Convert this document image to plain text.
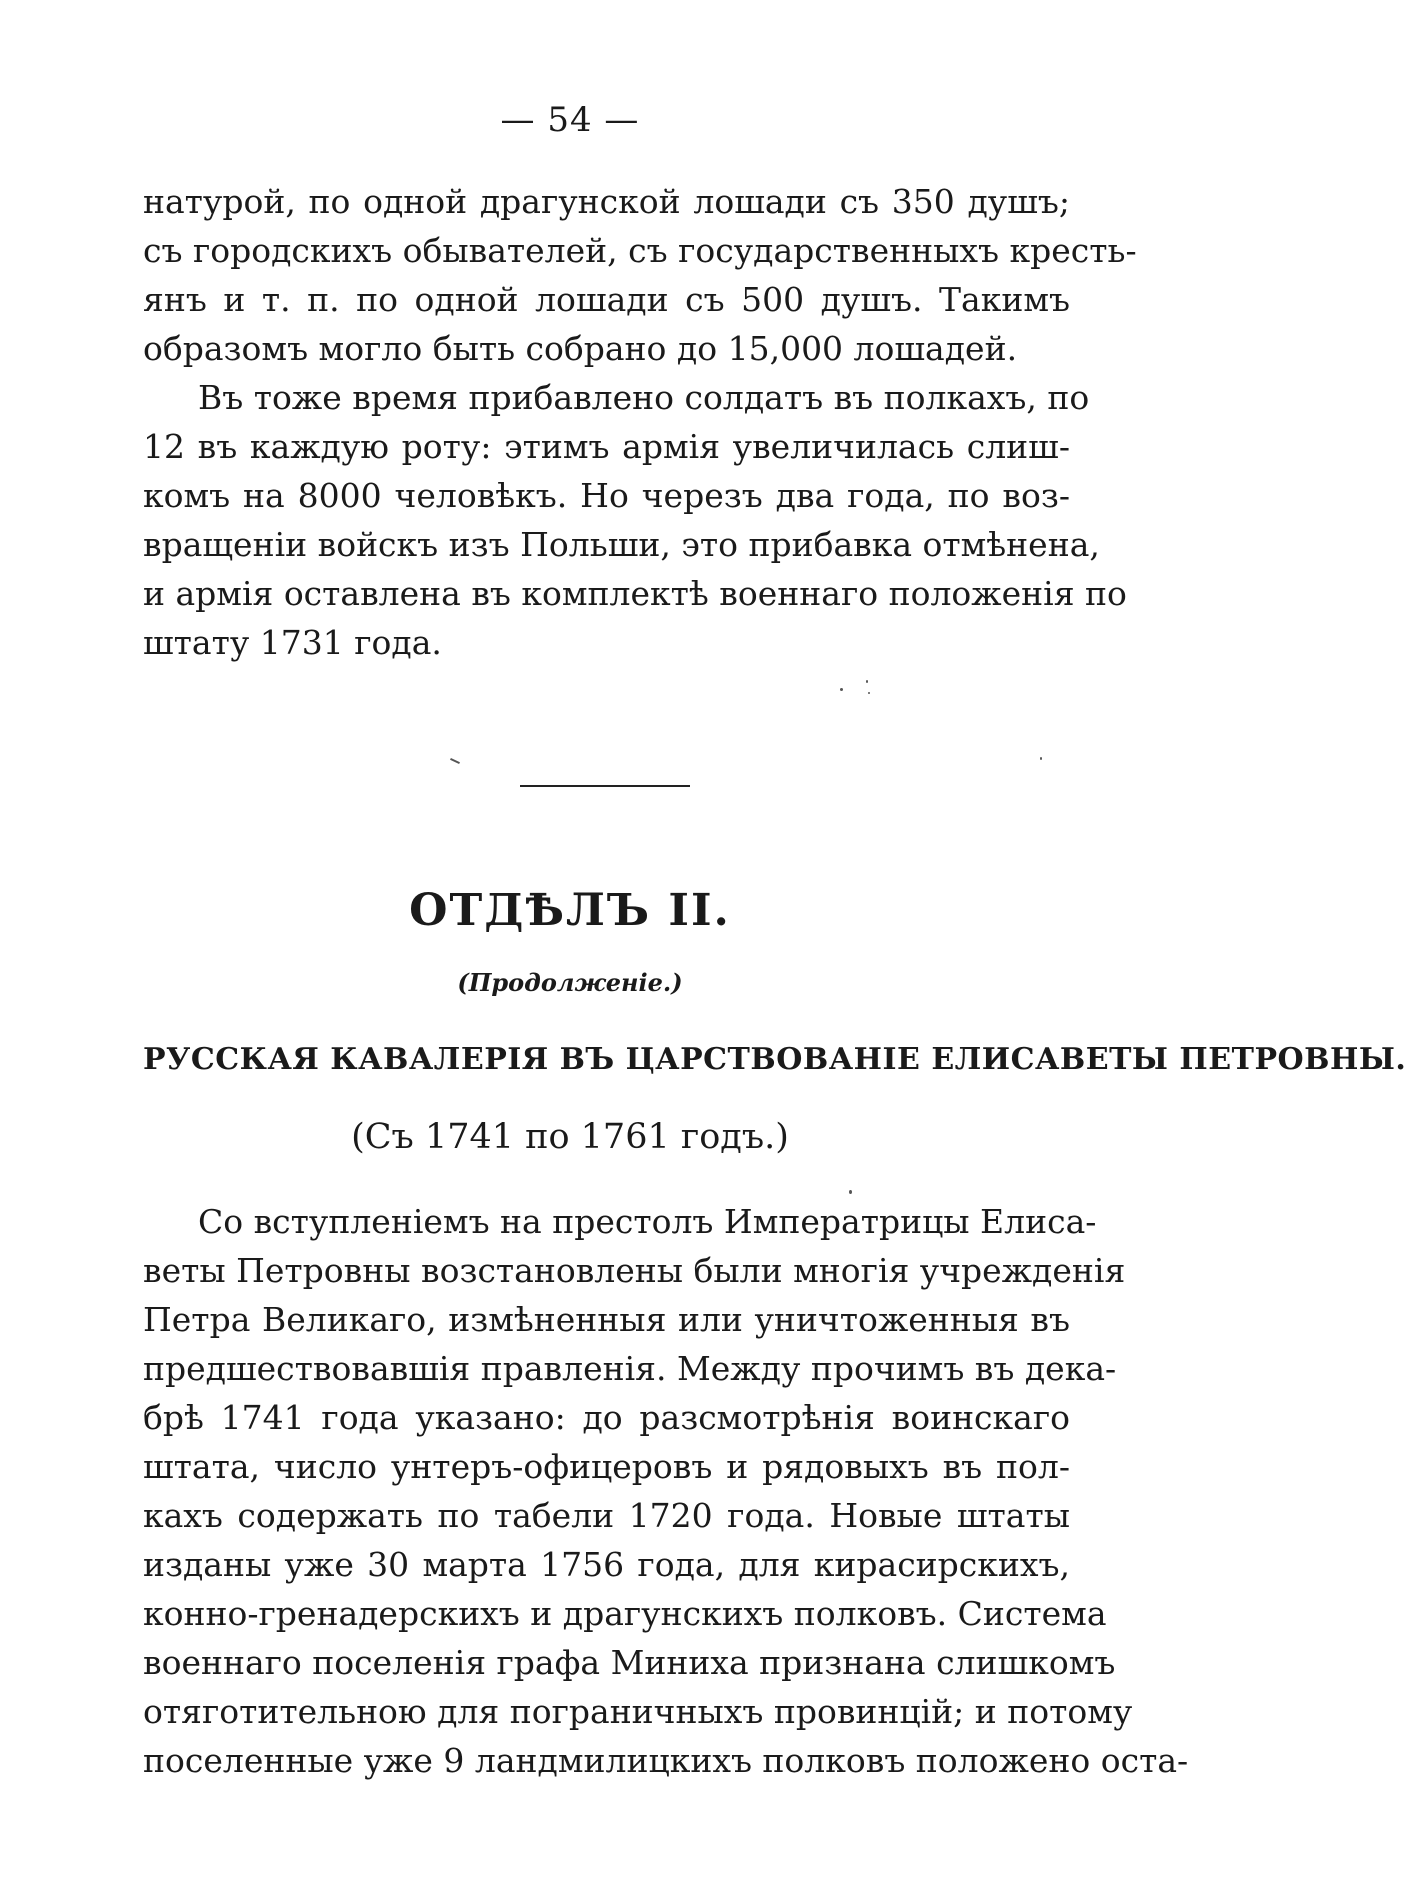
— 54 —
натурой, по одной драгунской лошади съ 350 душъ;
съ городскихъ обывателей, съ государственныхъ кресть-
янъ и т. п. по одной лошади съ 500 душъ. Такимъ
образомъ могло быть собрано до 15,000 лошадей.
Въ тоже время прибавлено солдатъ въ полкахъ, по
12 въ каждую роту: этимъ армія увеличилась слиш-
комъ на 8000 человѣкъ. Но черезъ два года, по воз-
вращеніи войскъ изъ Польши, это прибавка отмѣнена,
и армія оставлена въ комплектѣ военнаго положенія по
штату 1731 года.
ОТДѢЛЪ II.
(Продолженіе.)
РУССКАЯ КАВАЛЕРІЯ ВЪ ЦАРСТВОВАНІЕ ЕЛИСАВЕТЫ ПЕТРОВНЫ.
(Съ 1741 по 1761 годъ.)
Со вступленіемъ на престолъ Императрицы Елиса-
веты Петровны возстановлены были многія учрежденія
Петра Великаго, измѣненныя или уничтоженныя въ
предшествовавшія правленія. Между прочимъ въ дека-
брѣ 1741 года указано: до разсмотрѣнія воинскаго
штата, число унтеръ-офицеровъ и рядовыхъ въ пол-
кахъ содержать по табели 1720 года. Новые штаты
изданы уже 30 марта 1756 года, для кирасирскихъ,
конно-гренадерскихъ и драгунскихъ полковъ. Система
военнаго поселенія графа Миниха признана слишкомъ
отяготительною для пограничныхъ провинцій; и потому
поселенные уже 9 ландмилицкихъ полковъ положено оста-
